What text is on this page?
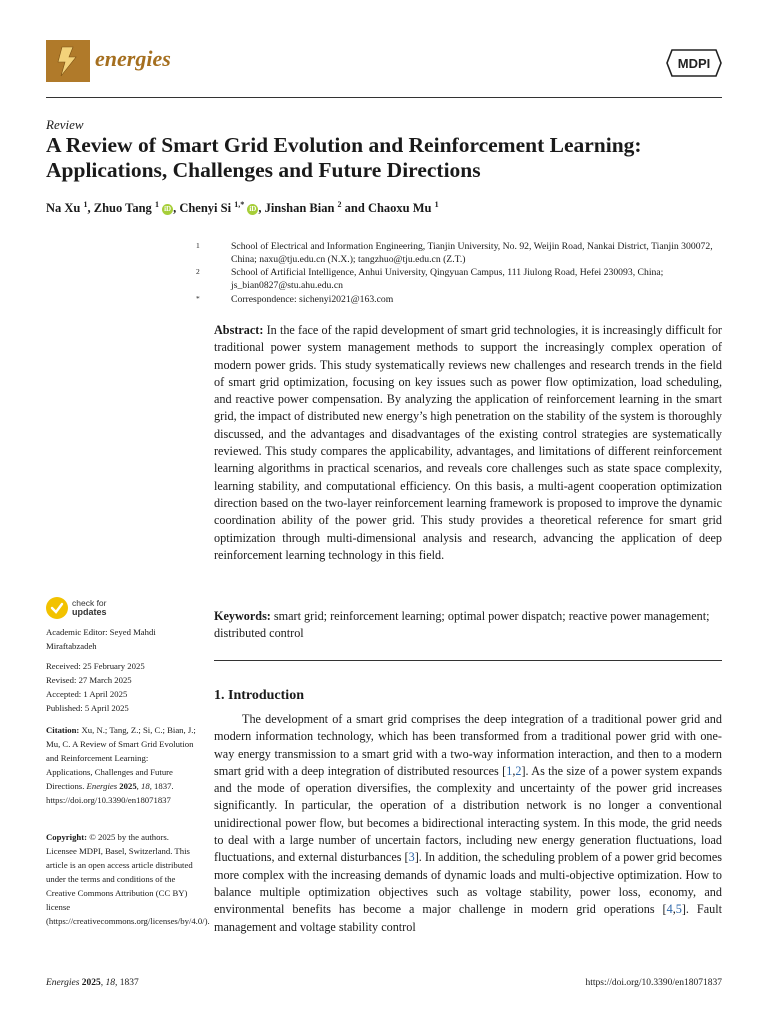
energies	MDPI
Review
A Review of Smart Grid Evolution and Reinforcement Learning: Applications, Challenges and Future Directions
Na Xu $^1$, Zhuo Tang $^1$ iD , Chenyi Si $^{1,*}$ iD , Jinshan Bian $^2$ and Chaoxu Mu $^1$
1	School of Electrical and Information Engineering, Tianjin University, No. 92, Weijin Road, Nankai District, Tianjin 300072, China; naxu@tju.edu.cn (N.X.); tangzhuo@tju.edu.cn (Z.T.)
2	School of Artificial Intelligence, Anhui University, Qingyuan Campus, 111 Jiulong Road, Hefei 230093, China; js_bian0827@stu.ahu.edu.cn
*	Correspondence: sichenyi2021@163.com
Abstract: In the face of the rapid development of smart grid technologies, it is increasingly difficult for traditional power system management methods to support the increasingly complex operation of modern power grids. This study systematically reviews new challenges and research trends in the field of smart grid optimization, focusing on key issues such as power flow optimization, load scheduling, and reactive power compensation. By analyzing the application of reinforcement learning in the smart grid, the impact of distributed new energy’s high penetration on the stability of the system is thoroughly discussed, and the advantages and disadvantages of the existing control strategies are systematically reviewed. This study compares the applicability, advantages, and limitations of different reinforcement learning algorithms in practical scenarios, and reveals core challenges such as state space complexity, learning stability, and computational efficiency. On this basis, a multi-agent cooperation optimization direction based on the two-layer reinforcement learning framework is proposed to improve the dynamic coordination ability of the power grid. This study provides a theoretical reference for smart grid optimization through multi-dimensional analysis and research, advancing the application of deep reinforcement learning technology in this field.
Keywords: smart grid; reinforcement learning; optimal power dispatch; reactive power management; distributed control
1. Introduction
The development of a smart grid comprises the deep integration of a traditional power grid and modern information technology, which has been transformed from a traditional power grid with one-way energy transmission to a smart grid with a two-way information interaction, and then to a modern smart grid with a deep integration of distributed resources [1,2]. As the size of a power system expands and the mode of operation diversifies, the complexity and uncertainty of the power grid increases significantly. In particular, the operation of a distribution network is no longer a conventional unidirectional power flow, but becomes a bidirectional interacting system. In this mode, the grid needs to deal with a large number of uncertain factors, including new energy generation fluctuations, load fluctuations, and external disturbances [3]. In addition, the scheduling problem of a power grid becomes more complex with the increasing demands of dynamic loads and multi-objective optimization. How to balance multiple optimization objectives such as voltage stability, power loss, economy, and environmental benefits has become a major challenge in modern grid operations [4,5]. Fault management and voltage stability control
check for
updates
Academic Editor: Seyed Mahdi Miraftabzadeh
Received: 25 February 2025
Revised: 27 March 2025
Accepted: 1 April 2025
Published: 5 April 2025
Citation: Xu, N.; Tang, Z.; Si, C.; Bian, J.; Mu, C. A Review of Smart Grid Evolution and Reinforcement Learning: Applications, Challenges and Future Directions. Energies 2025, 18, 1837. https://doi.org/10.3390/en18071837
Copyright: © 2025 by the authors. Licensee MDPI, Basel, Switzerland. This article is an open access article distributed under the terms and conditions of the Creative Commons Attribution (CC BY) license (https://creativecommons.org/licenses/by/4.0/).
Energies 2025, 18, 1837	https://doi.org/10.3390/en18071837
